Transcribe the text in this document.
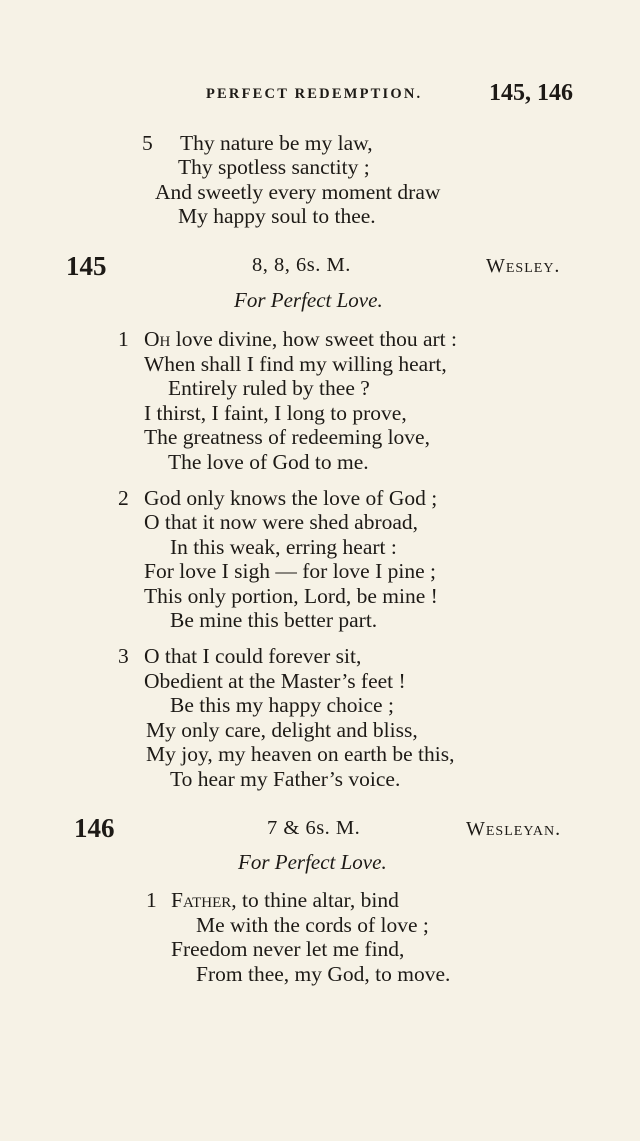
PERFECT REDEMPTION.	145, 146
5 Thy nature be my law,
Thy spotless sanctity ;
And sweetly every moment draw
My happy soul to thee.
145	8, 8, 6s. M.	Wesley.
For Perfect Love.
1 Oh love divine, how sweet thou art :
When shall I find my willing heart,
Entirely ruled by thee ?
I thirst, I faint, I long to prove,
The greatness of redeeming love,
The love of God to me.
2 God only knows the love of God ;
O that it now were shed abroad,
In this weak, erring heart :
For love I sigh — for love I pine ;
This only portion, Lord, be mine !
Be mine this better part.
3 O that I could forever sit,
Obedient at the Master’s feet !
Be this my happy choice ;
My only care, delight and bliss,
My joy, my heaven on earth be this,
To hear my Father’s voice.
146	7 & 6s. M.	Wesleyan.
For Perfect Love.
1 Father, to thine altar, bind
Me with the cords of love ;
Freedom never let me find,
From thee, my God, to move.
